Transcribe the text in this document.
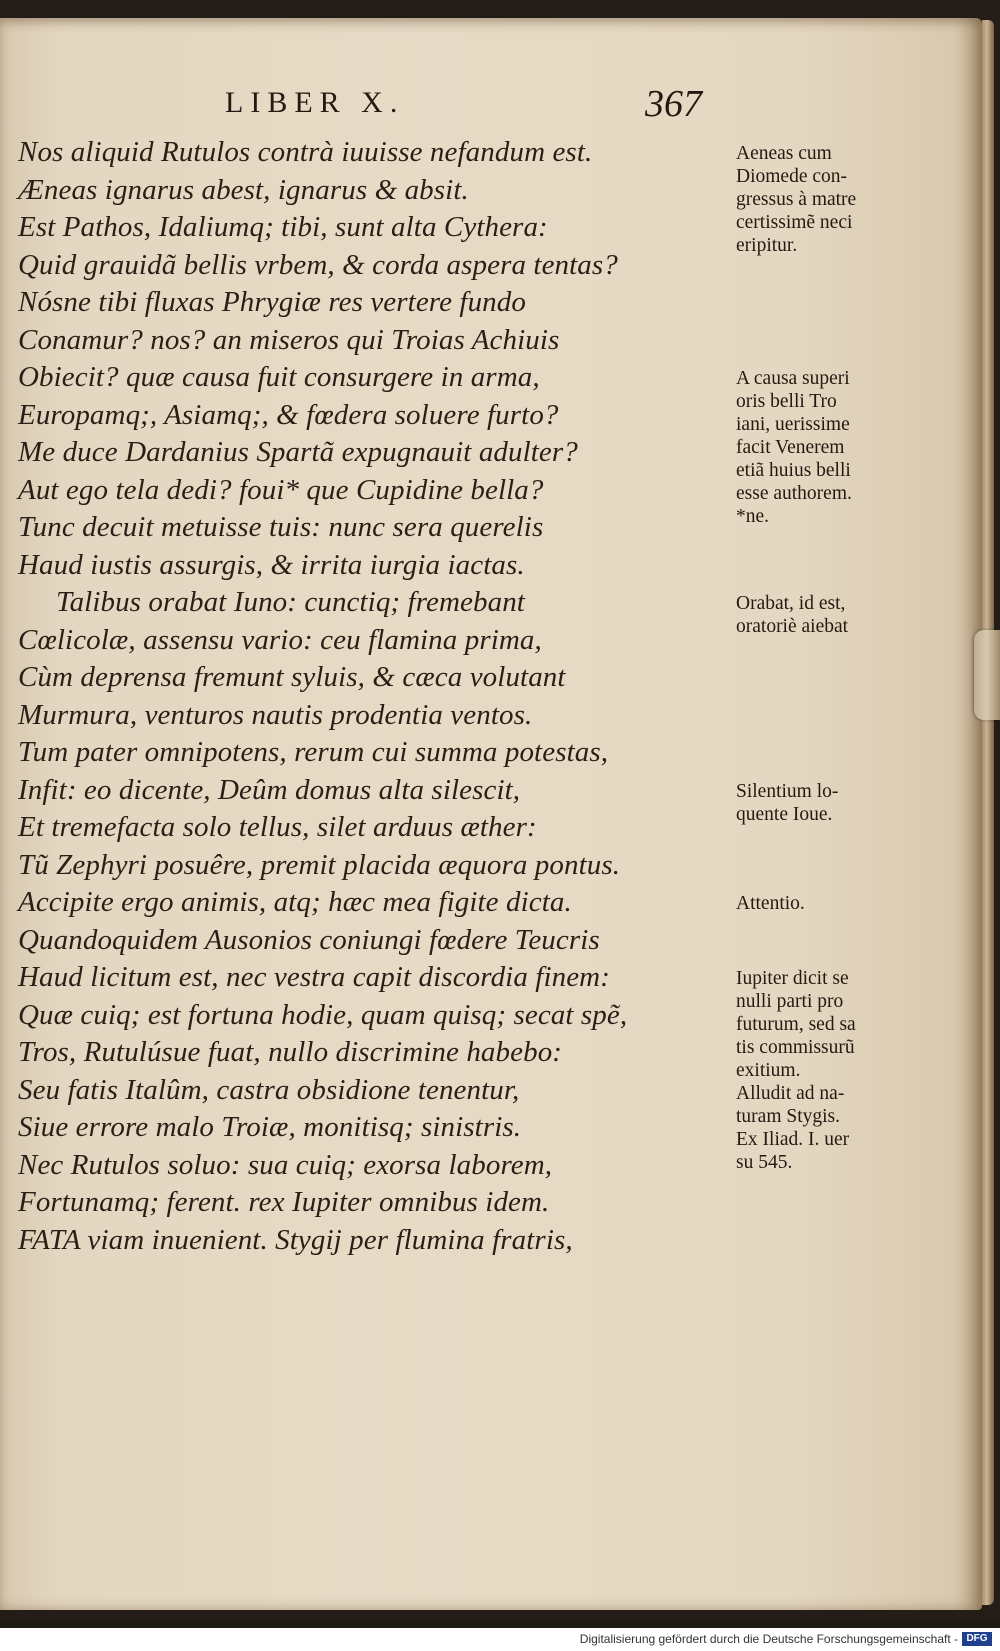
LIBER X.	367
Nos aliquid Rutulos contrà iuuisse nefandum est.
Æneas ignarus abest, ignarus & absit.
Est Pathos, Idaliumq; tibi, sunt alta Cythera:
Quid grauidã bellis vrbem, & corda aspera tentas?
Nósne tibi fluxas Phrygiæ res vertere fundo
Conamur? nos? an miseros qui Troias Achiuis
Obiecit? quæ causa fuit consurgere in arma,
Europamq;, Asiamq;, & fœdera soluere furto?
Me duce Dardanius Spartã expugnauit adulter?
Aut ego tela dedi? foui* que Cupidine bella?
Tunc decuit metuisse tuis: nunc sera querelis
Haud iustis assurgis, & irrita iurgia iactas.
Talibus orabat Iuno: cunctiq; fremebant
Cœlicolæ, assensu vario: ceu flamina prima,
Cùm deprensa fremunt syluis, & cæca volutant
Murmura, venturos nautis prodentia ventos.
Tum pater omnipotens, rerum cui summa potestas,
Infit: eo dicente, Deûm domus alta silescit,
Et tremefacta solo tellus, silet arduus æther:
Tũ Zephyri posuêre, premit placida æquora pontus.
Accipite ergo animis, atq; hæc mea figite dicta.
Quandoquidem Ausonios coniungi fœdere Teucris
Haud licitum est, nec vestra capit discordia finem:
Quæ cuiq; est fortuna hodie, quam quisq; secat spẽ,
Tros, Rutulúsue fuat, nullo discrimine habebo:
Seu fatis Italûm, castra obsidione tenentur,
Siue errore malo Troiæ, monitisq; sinistris.
Nec Rutulos soluo: sua cuiq; exorsa laborem,
Fortunamq; ferent. rex Iupiter omnibus idem.
FATA viam inuenient. Stygij per flumina fratris,
Aeneas cum
Diomede con-
gressus à matre
certissimẽ neci
eripitur.
A causa superi
oris belli Tro
iani, uerissime
facit Venerem
etiã huius belli
esse authorem.
*ne.
Orabat, id est,
oratoriè aiebat
Silentium lo-
quente Ioue.
Attentio.
Iupiter dicit se
nulli parti pro
futurum, sed sa
tis commissurũ
exitium.
Alludit ad na-
turam Stygis.
Ex Iliad. I. uer
su 545.
Digitalisierung gefördert durch die Deutsche Forschungsgemeinschaft - DFG
